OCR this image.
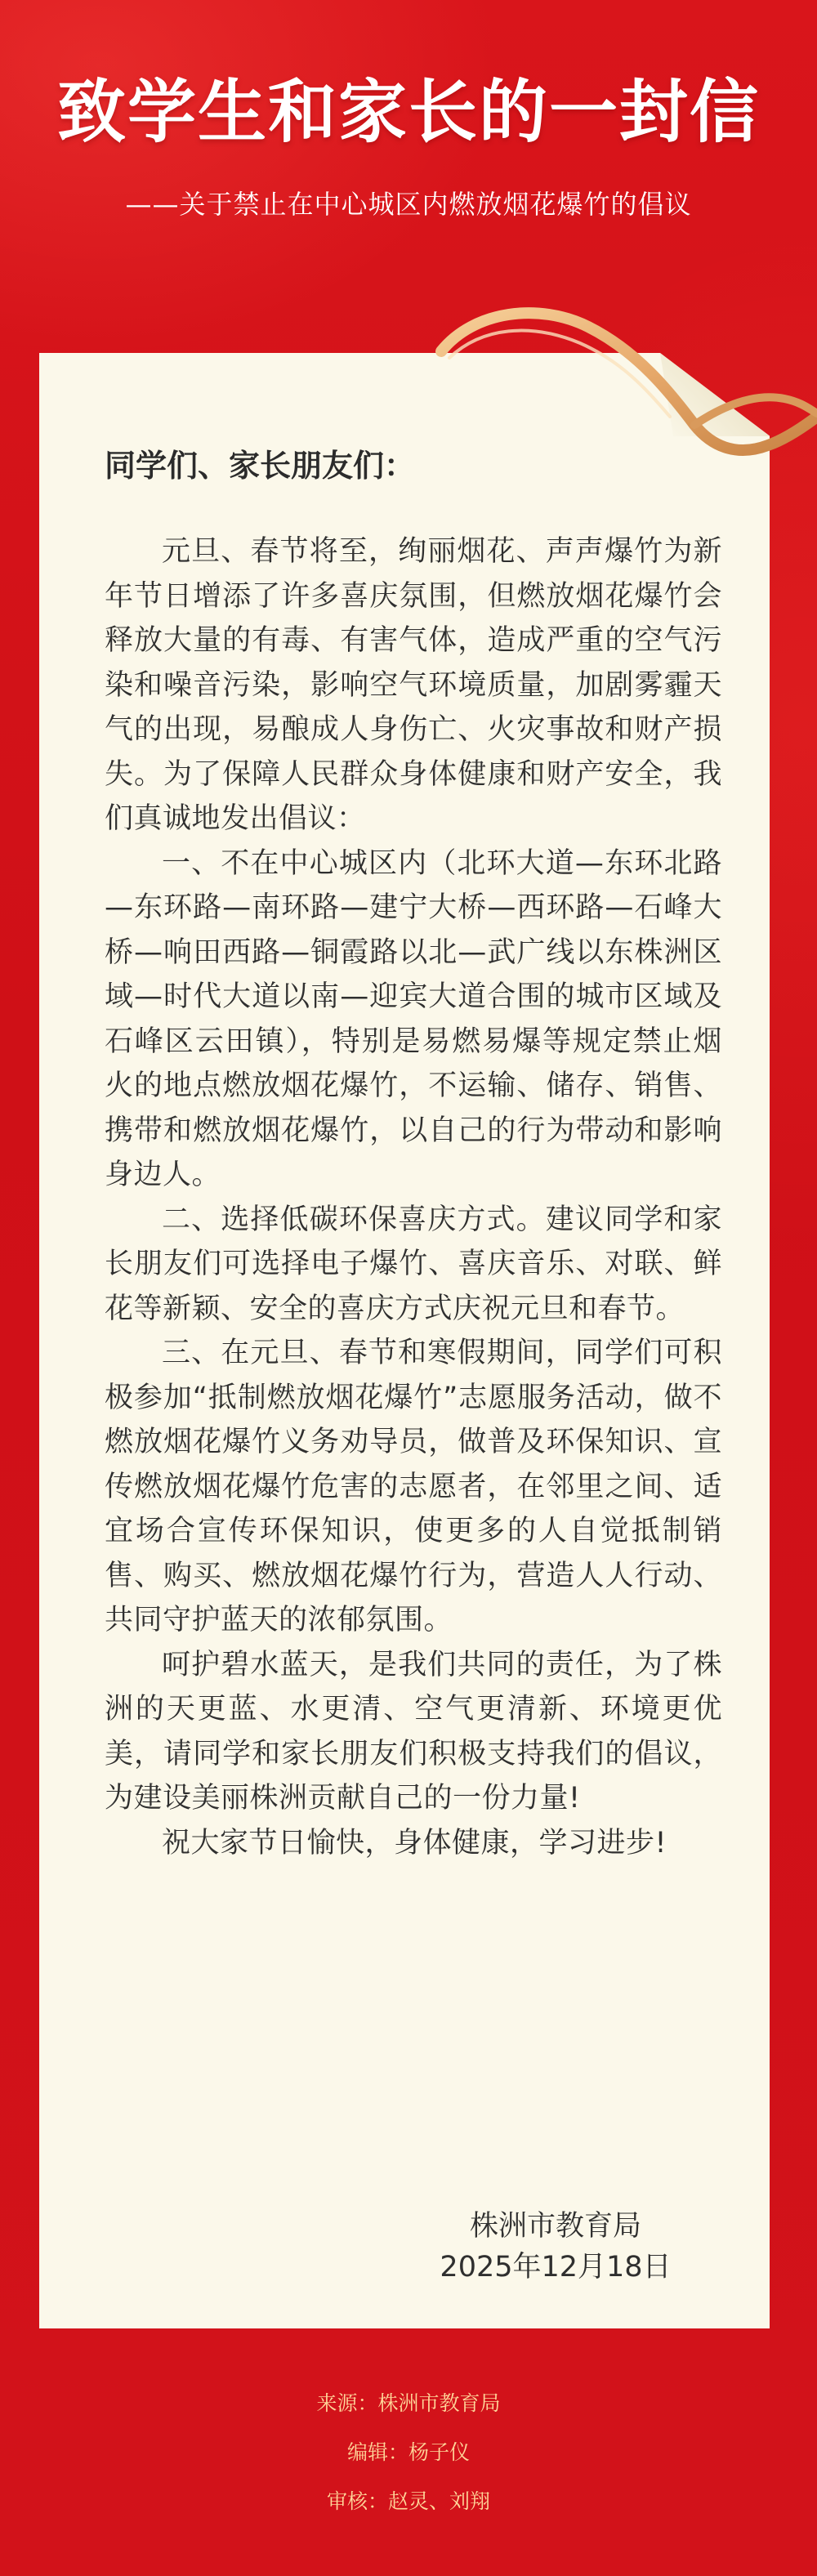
致学生和家长的一封信
——关于禁止在中心城区内燃放烟花爆竹的倡议
同学们、家长朋友们：

元旦、春节将至，绚丽烟花、声声爆竹为新年节日增添了许多喜庆氛围，但燃放烟花爆竹会释放大量的有毒、有害气体，造成严重的空气污染和噪音污染，影响空气环境质量，加剧雾霾天气的出现，易酿成人身伤亡、火灾事故和财产损失。为了保障人民群众身体健康和财产安全，我们真诚地发出倡议：

一、不在中心城区内（北环大道—东环北路—东环路—南环路—建宁大桥—西环路—石峰大桥—响田西路—铜霞路以北—武广线以东株洲区域—时代大道以南—迎宾大道合围的城市区域及石峰区云田镇），特别是易燃易爆等规定禁止烟火的地点燃放烟花爆竹，不运输、储存、销售、携带和燃放烟花爆竹，以自己的行为带动和影响身边人。

二、选择低碳环保喜庆方式。建议同学和家长朋友们可选择电子爆竹、喜庆音乐、对联、鲜花等新颖、安全的喜庆方式庆祝元旦和春节。

三、在元旦、春节和寒假期间，同学们可积极参加“抵制燃放烟花爆竹”志愿服务活动，做不燃放烟花爆竹义务劝导员，做普及环保知识、宣传燃放烟花爆竹危害的志愿者，在邻里之间、适宜场合宣传环保知识，使更多的人自觉抵制销售、购买、燃放烟花爆竹行为，营造人人行动、共同守护蓝天的浓郁氛围。

呵护碧水蓝天，是我们共同的责任，为了株洲的天更蓝、水更清、空气更清新、环境更优美，请同学和家长朋友们积极支持我们的倡议，为建设美丽株洲贡献自己的一份力量!

祝大家节日愉快，身体健康，学习进步!

株洲市教育局
2025年12月18日
来源：株洲市教育局
编辑：杨子仪
审核：赵灵、刘翔
